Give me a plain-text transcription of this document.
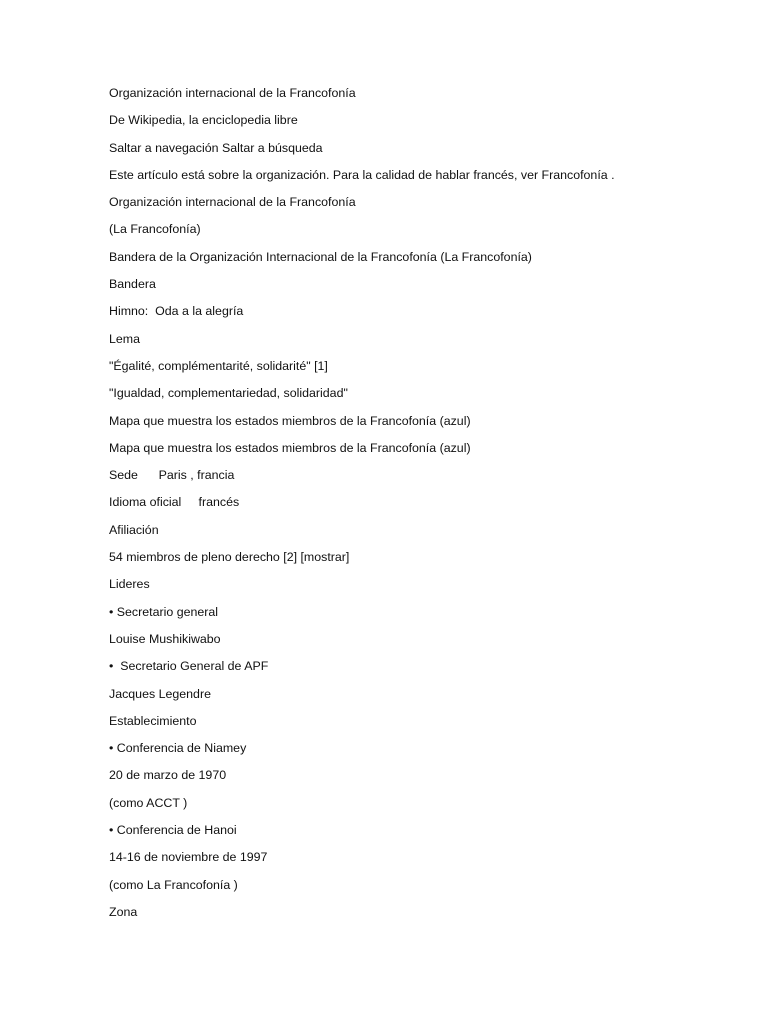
Organización internacional de la Francofonía
De Wikipedia, la enciclopedia libre
Saltar a navegación Saltar a búsqueda
Este artículo está sobre la organización. Para la calidad de hablar francés, ver Francofonía .
Organización internacional de la Francofonía
(La Francofonía)
Bandera de la Organización Internacional de la Francofonía (La Francofonía)
Bandera
Himno:  Oda a la alegría
Lema
"Égalité, complémentarité, solidarité" [1]
"Igualdad, complementariedad, solidaridad"
Mapa que muestra los estados miembros de la Francofonía (azul)
Mapa que muestra los estados miembros de la Francofonía (azul)
Sede      Paris , francia
Idioma oficial     francés
Afiliación
54 miembros de pleno derecho [2] [mostrar]
Lideres
• Secretario general
Louise Mushikiwabo
•  Secretario General de APF
Jacques Legendre
Establecimiento
• Conferencia de Niamey
20 de marzo de 1970
(como ACCT )
• Conferencia de Hanoi
14-16 de noviembre de 1997
(como La Francofonía )
Zona
